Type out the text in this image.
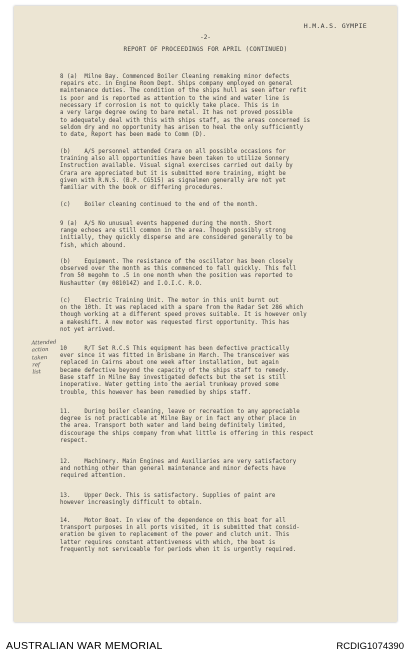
H.M.A.S. GYMPIE
-2-
REPORT OF PROCEEDINGS FOR APRIL (CONTINUED)

8 (a)  Milne Bay. Commenced Boiler Cleaning remaking minor defects
repairs etc. in Engine Room Dept. Ships company employed on general
maintenance duties. The condition of the ships hull as seen after refit
is poor and is reported as attention to the wind and water line is
necessary if corrosion is not to quickly take place. This is in
a very large degree owing to bare metal. It has not proved possible
to adequately deal with this with ships staff, as the areas concerned is
seldom dry and no opportunity has arisen to heal the only sufficiently
to date, Report has been made to Comm (D).

(b)    A/S personnel attended Crara on all possible occasions for
training also all opportunities have been taken to utilize Sonnery
Instruction available. Visual signal exercises carried out daily by
Crara are appreciated but it is submitted more training, might be
given with R.N.S. (B.P. CG515) as signalmen generally are not yet
familiar with the book or differing procedures.

(c)    Boiler cleaning continued to the end of the month.

9 (a)  A/S No unusual events happened during the month. Short
range echoes are still common in the area. Though possibly strong
initially, they quickly disperse and are considered generally to be
fish, which abound.

(b)    Equipment. The resistance of the oscillator has been closely
observed over the month as this commenced to fall quickly. This fell
from 50 megohm to .5 in one month when the position was reported to
Nushautter (my 081014Z) and I.O.I.C. R.O.

(c)    Electric Training Unit. The motor in this unit burnt out
on the 10th. It was replaced with a spare from the Radar Set 286 which
though working at a different speed proves suitable. It is however only
a makeshift. A new motor was requested first opportunity. This has
not yet arrived.

10     R/T Set R.C.S This equipment has been defective practically
ever since it was fitted in Brisbane in March. The transceiver was
replaced in Cairns about one week after installation, but again
became defective beyond the capacity of the ships staff to remedy.
Base staff in Milne Bay investigated defects but the set is still
inoperative. Water getting into the aerial trunkway proved some
trouble, this however has been remedied by ships staff.

11.    During boiler cleaning, leave or recreation to any appreciable
degree is not practicable at Milne Bay or in fact any other place in
the area. Transport both water and land being definitely limited,
discourage the ships company from what little is offering in this respect
respect.

12.    Machinery. Main Engines and Auxiliaries are very satisfactory
and nothing other than general maintenance and minor defects have
required attention.

13.    Upper Deck. This is satisfactory. Supplies of paint are
however increasingly difficult to obtain.

14.    Motor Boat. In view of the dependence on this boat for all
transport purposes in all ports visited, it is submitted that consid-
eration be given to replacement of the power and clutch unit. This
latter requires constant attentiveness with which, the boat is
frequently not serviceable for periods when it is urgently required.

Attended
action
taken
ref
list
AUSTRALIAN WAR MEMORIAL	RCDIG1074390
